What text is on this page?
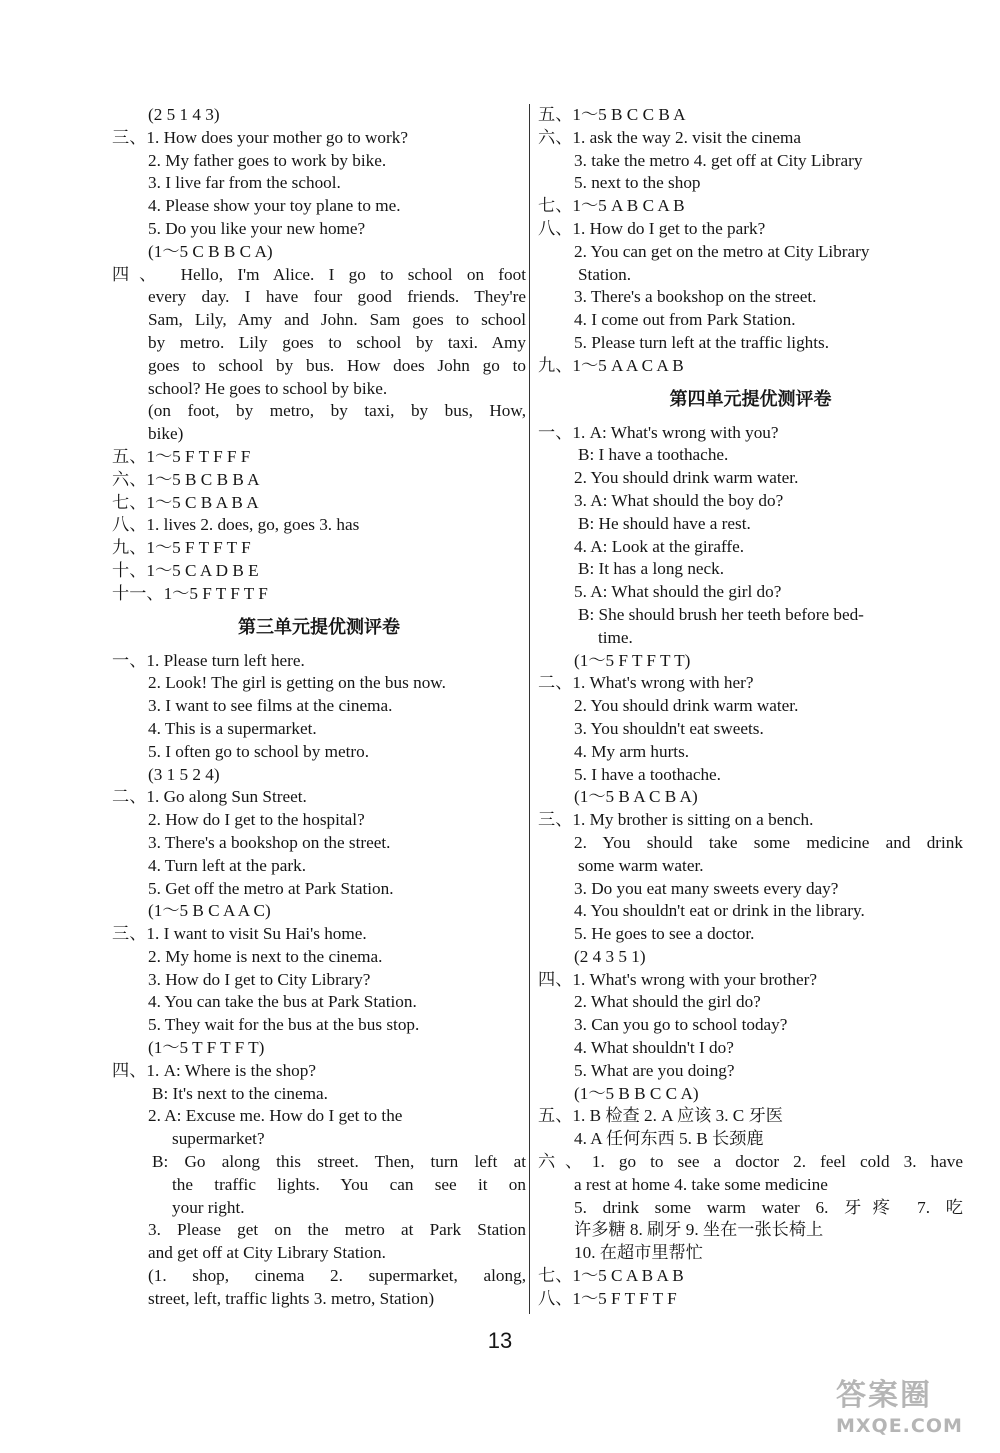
(2 5 1 4 3)
三、1. How does your mother go to work?
2. My father goes to work by bike.
3. I live far from the school.
4. Please show your toy plane to me.
5. Do you like your new home?
(1～5 C B B C A)
四、 Hello, I'm Alice. I go to school on foot
every day. I have four good friends. They're
Sam, Lily, Amy and John. Sam goes to school
by metro. Lily goes to school by taxi. Amy
goes to school by bus. How does John go to
school? He goes to school by bike.
(on foot, by metro, by taxi, by bus, How,
bike)
五、1～5 F T F F F
六、1～5 B C B B A
七、1～5 C B A B A
八、1. lives 2. does, go, goes 3. has
九、1～5 F T F T F
十、1～5 C A D B E
十一、1～5 F T F T F
第三单元提优测评卷
一、1. Please turn left here.
2. Look! The girl is getting on the bus now.
3. I want to see films at the cinema.
4. This is a supermarket.
5. I often go to school by metro.
(3 1 5 2 4)
二、1. Go along Sun Street.
2. How do I get to the hospital?
3. There's a bookshop on the street.
4. Turn left at the park.
5. Get off the metro at Park Station.
(1～5 B C A A C)
三、1. I want to visit Su Hai's home.
2. My home is next to the cinema.
3. How do I get to City Library?
4. You can take the bus at Park Station.
5. They wait for the bus at the bus stop.
(1～5 T F T F T)
四、1. A: Where is the shop?
B: It's next to the cinema.
2. A: Excuse me. How do I get to the
supermarket?
B: Go along this street. Then, turn left at
the traffic lights. You can see it on
your right.
3. Please get on the metro at Park Station
and get off at City Library Station.
(1. shop, cinema 2. supermarket, along,
street, left, traffic lights 3. metro, Station)
五、1～5 B C C B A
六、1. ask the way 2. visit the cinema
3. take the metro 4. get off at City Library
5. next to the shop
七、1～5 A B C A B
八、1. How do I get to the park?
2. You can get on the metro at City Library
Station.
3. There's a bookshop on the street.
4. I come out from Park Station.
5. Please turn left at the traffic lights.
九、1～5 A A C A B
第四单元提优测评卷
一、1. A: What's wrong with you?
B: I have a toothache.
2. You should drink warm water.
3. A: What should the boy do?
B: He should have a rest.
4. A: Look at the giraffe.
B: It has a long neck.
5. A: What should the girl do?
B: She should brush her teeth before bed-
time.
(1～5 F T F T T)
二、1. What's wrong with her?
2. You should drink warm water.
3. You shouldn't eat sweets.
4. My arm hurts.
5. I have a toothache.
(1～5 B A C B A)
三、1. My brother is sitting on a bench.
2. You should take some medicine and drink
some warm water.
3. Do you eat many sweets every day?
4. You shouldn't eat or drink in the library.
5. He goes to see a doctor.
(2 4 3 5 1)
四、1. What's wrong with your brother?
2. What should the girl do?
3. Can you go to school today?
4. What shouldn't I do?
5. What are you doing?
(1～5 B B C C A)
五、1. B 检查 2. A 应该 3. C 牙医
4. A 任何东西 5. B 长颈鹿
六、1. go to see a doctor 2. feel cold 3. have
a rest at home 4. take some medicine
5. drink some warm water 6. 牙疼 7. 吃
许多糖 8. 刷牙 9. 坐在一张长椅上
10. 在超市里帮忙
七、1～5 C A B A B
八、1～5 F T F T F
13
答案圈
MXQE.COM
